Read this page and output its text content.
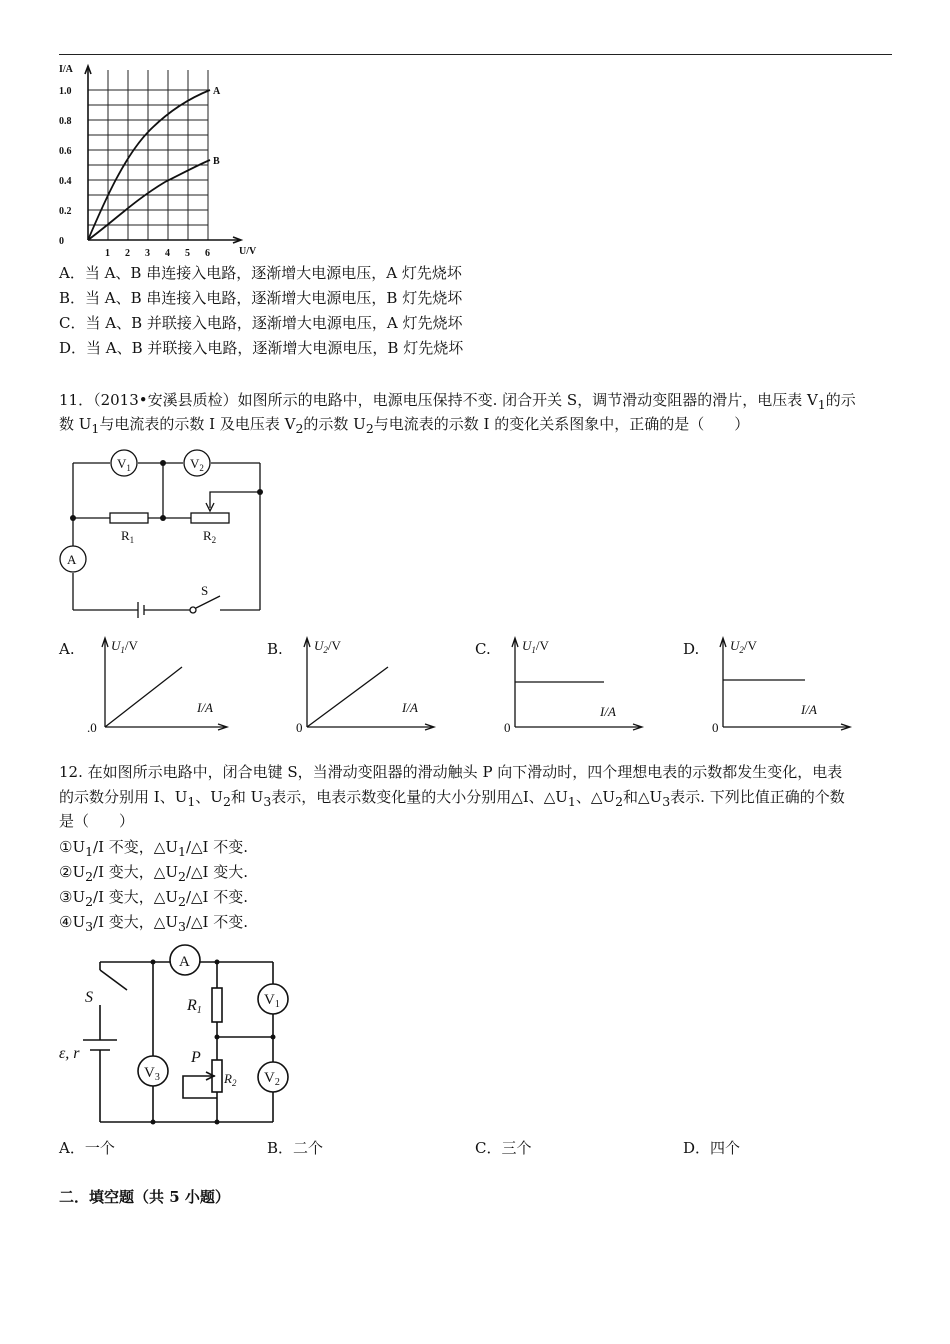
I/A
U/V
1.0
0.8
0.6
0.4
0.2
0
1 2 3 4 5 6
A
B
A．当 A、B 串连接入电路，逐渐增大电源电压，A 灯先烧坏
B．当 A、B 串连接入电路，逐渐增大电源电压，B 灯先烧坏
C．当 A、B 并联接入电路，逐渐增大电源电压，A 灯先烧坏
D．当 A、B 并联接入电路，逐渐增大电源电压，B 灯先烧坏
11．（2013•安溪县质检）如图所示的电路中，电源电压保持不变. 闭合开关 S，调节滑动变阻器的滑片，电压表 $V_1$的示
数 $U_1$与电流表的示数 I 及电压表 $V_2$的示数 $U_2$与电流表的示数 I 的变化关系图象中，正确的是（　　）
$V_1$	$V_2$
A
$R_1$	$R_2$
S
A.	$U_1/V$
I/A
.0
B. $U_2/V$
I/A
0
C. $U_1/V$
I/A
0
D. $U_2/V$
I/A
0
12. 在如图所示电路中，闭合电键 S，当滑动变阻器的滑动触头 P 向下滑动时，四个理想电表的示数都发生变化，电表
的示数分别用 I、$U_1$、$U_2$和 $U_3$表示，电表示数变化量的大小分别用△I、$\triangle U_1$、$\triangle U_2$和$\triangle U_3$表示. 下列比值正确的个数
是（　　）
$①U_1/I$ 不变，$\triangle U_1/\triangle I$ 不变.
$②U_2/I$ 变大，$\triangle U_2/\triangle I$ 变大.
$③U_2/I$ 变大，$\triangle U_2/\triangle I$ 不变.
$④U_3/I$ 变大，$\triangle U_3/\triangle I$ 不变.
S
ε, r
R1
P
$R_2$
A
$V_3$
$V_1$
$V_2$
A．一个	B．二个	C．三个	D．四个
二．填空题（共 5 小题）
